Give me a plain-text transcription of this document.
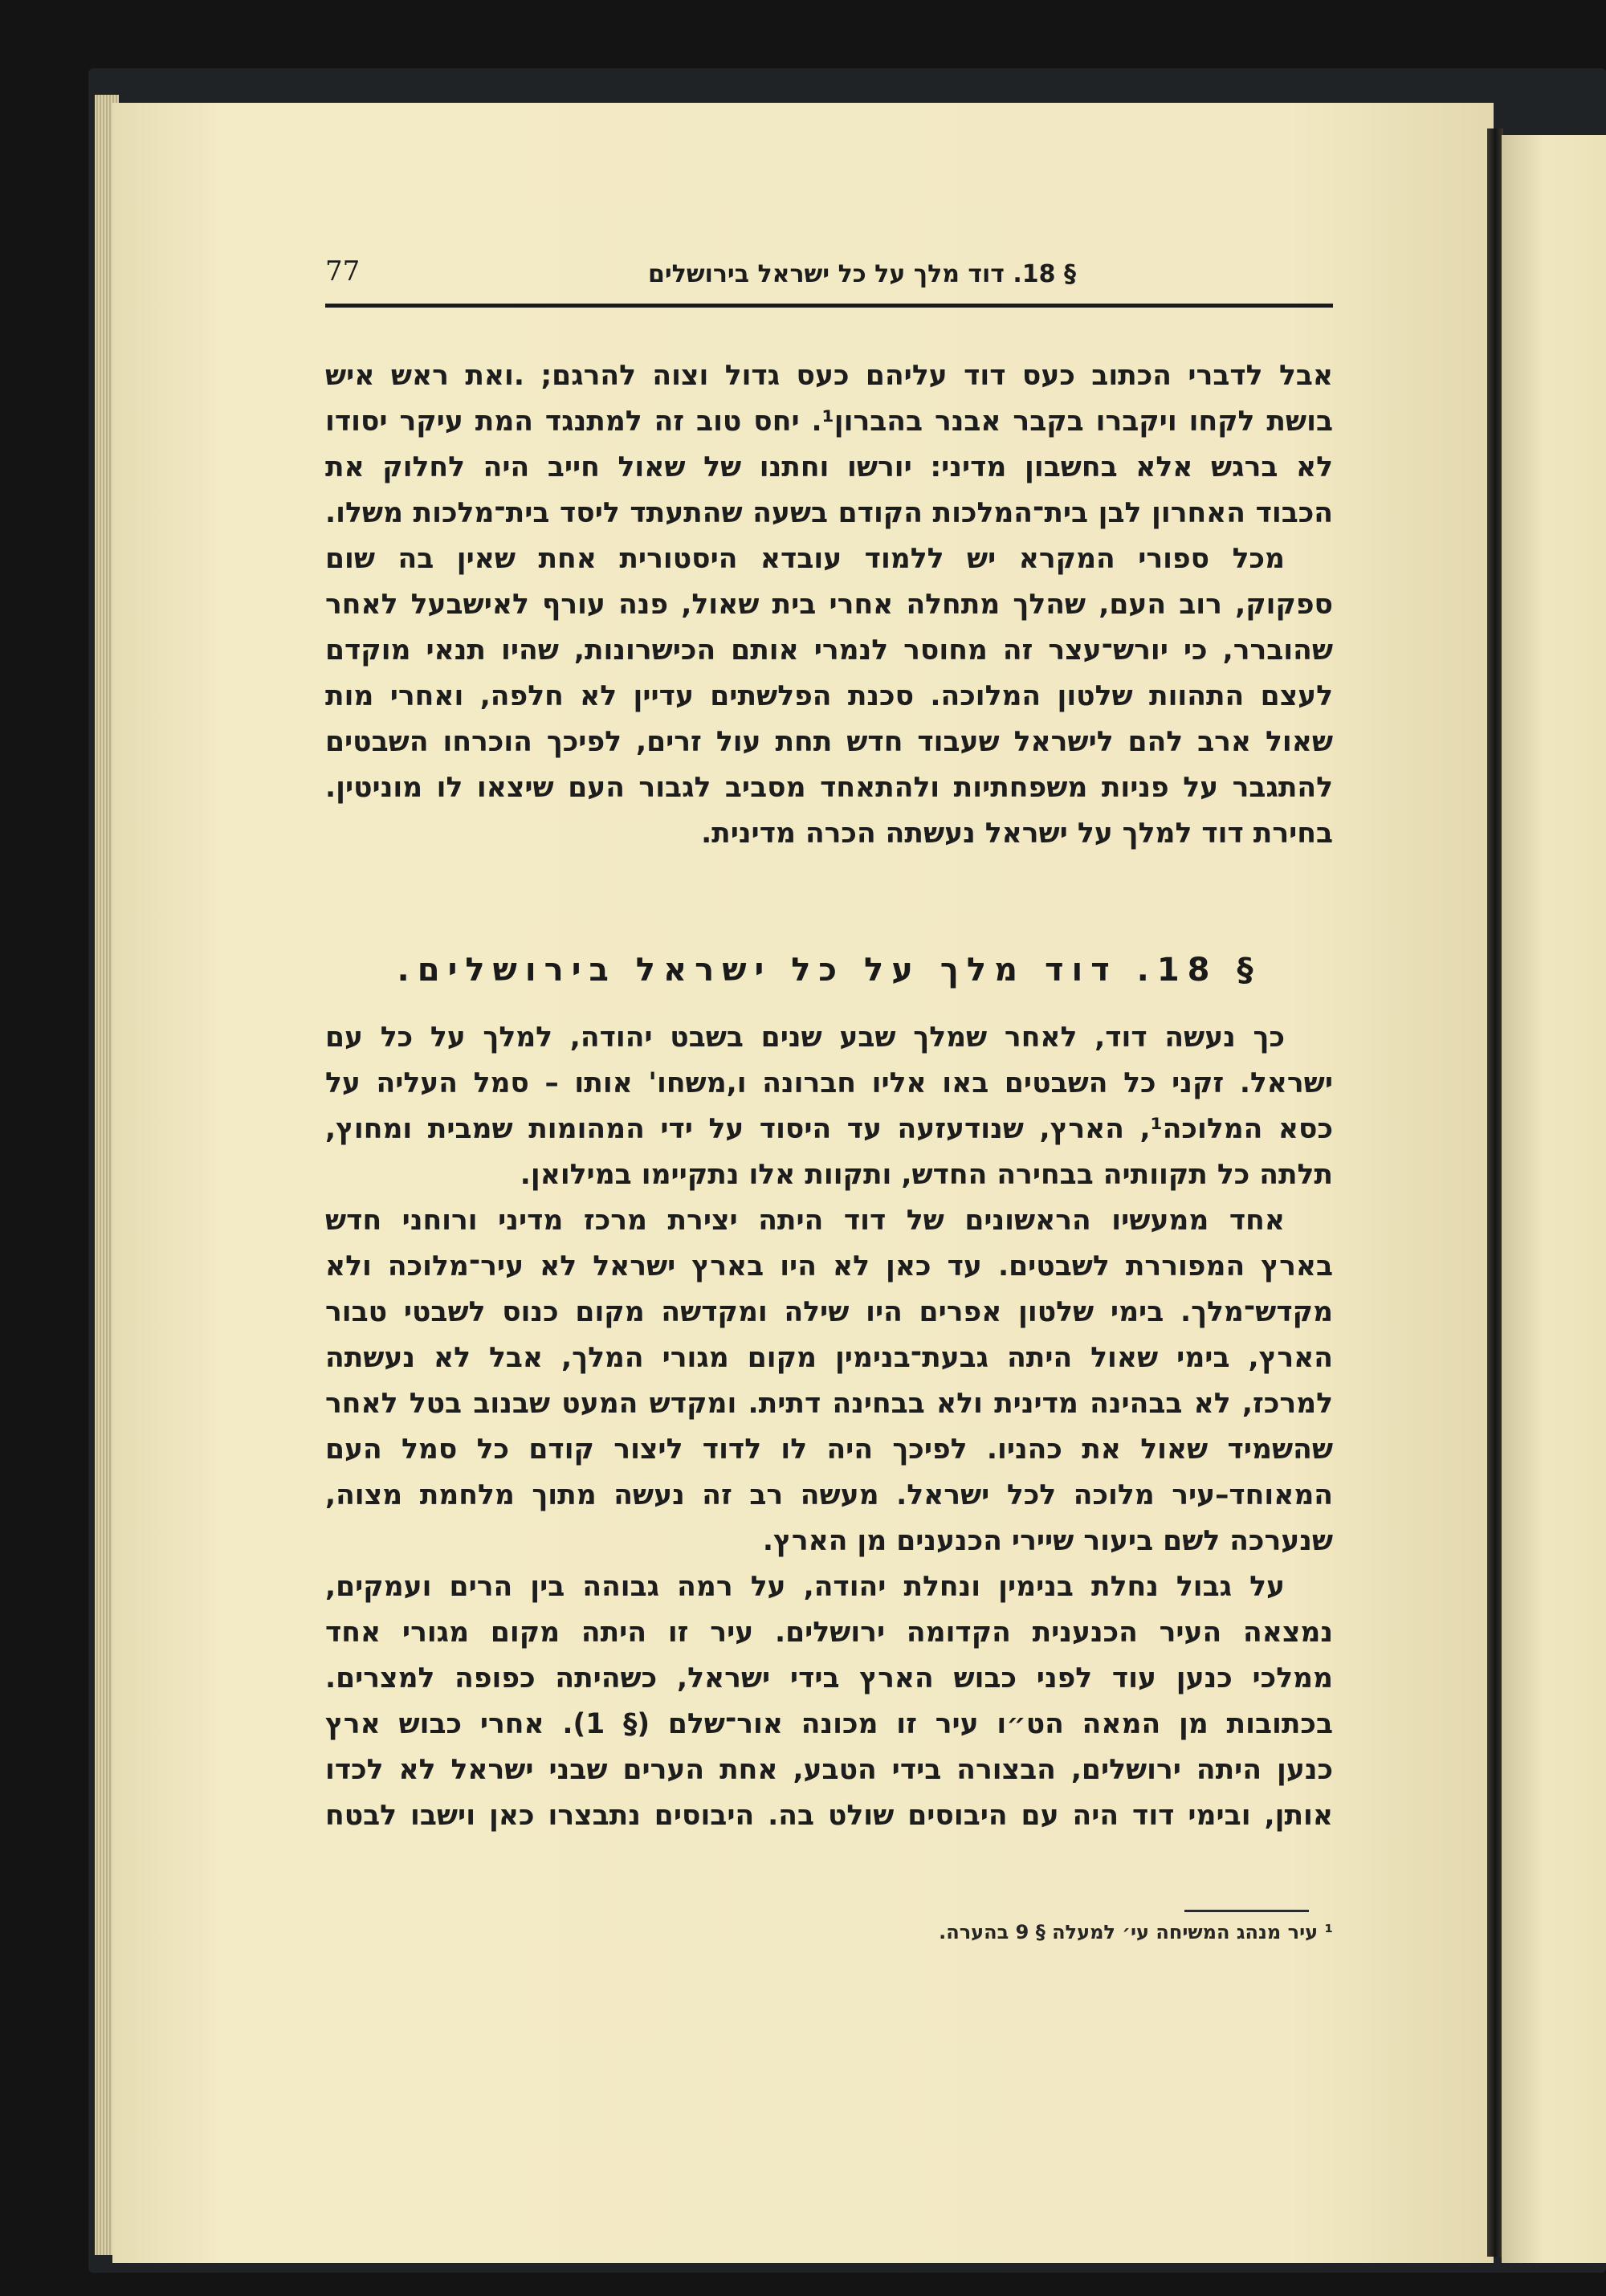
77	§ 18. דוד מלך על כל ישראל בירושלים
אבל לדברי הכתוב כעס דוד עליהם כעס גדול וצוה להרגם; .ואת ראש איש
בושת לקחו ויקברו בקבר אבנר בהברון¹. יחס טוב זה למתנגד המת עיקר יסודו
לא ברגש אלא בחשבון מדיני: יורשו וחתנו של שאול חייב היה לחלוק את
הכבוד האחרון לבן בית־המלכות הקודם בשעה שהתעתד ליסד בית־מלכות משלו.
מכל ספורי המקרא יש ללמוד עובדא היסטורית אחת שאין בה שום
ספקוק, רוב העם, שהלך מתחלה אחרי בית שאול, פנה עורף לאישבעל לאחר
שהוברר, כי יורש־עצר זה מחוסר לנמרי אותם הכישרונות, שהיו תנאי מוקדם
לעצם התהוות שלטון המלוכה. סכנת הפלשתים עדיין לא חלפה, ואחרי מות
שאול ארב להם לישראל שעבוד חדש תחת עול זרים, לפיכך הוכרחו השבטים
להתגבר על פניות משפחתיות ולהתאחד מסביב לגבור העם שיצאו לו מוניטין.
בחירת דוד למלך על ישראל נעשתה הכרה מדינית.
§ 18. דוד מלך על כל ישראל בירושלים.
כך נעשה דוד, לאחר שמלך שבע שנים בשבט יהודה, למלך על כל עם
ישראל. זקני כל השבטים באו אליו חברונה ו,משחו' אותו – סמל העליה על
כסא המלוכה¹, הארץ, שנודעזעה עד היסוד על ידי המהומות שמבית ומחוץ,
תלתה כל תקוותיה בבחירה החדש, ותקוות אלו נתקיימו במילואן.
אחד ממעשיו הראשונים של דוד היתה יצירת מרכז מדיני ורוחני חדש
בארץ המפוררת לשבטים. עד כאן לא היו בארץ ישראל לא עיר־מלוכה ולא
מקדש־מלך. בימי שלטון אפרים היו שילה ומקדשה מקום כנוס לשבטי טבור
הארץ, בימי שאול היתה גבעת־בנימין מקום מגורי המלך, אבל לא נעשתה
למרכז, לא בבהינה מדינית ולא בבחינה דתית. ומקדש המעט שבנוב בטל לאחר
שהשמיד שאול את כהניו. לפיכך היה לו לדוד ליצור קודם כל סמל העם
המאוחד–עיר מלוכה לכל ישראל. מעשה רב זה נעשה מתוך מלחמת מצוה,
שנערכה לשם ביעור שיירי הכנענים מן הארץ.
על גבול נחלת בנימין ונחלת יהודה, על רמה גבוהה בין הרים ועמקים,
נמצאה העיר הכנענית הקדומה ירושלים. עיר זו היתה מקום מגורי אחד
ממלכי כנען עוד לפני כבוש הארץ בידי ישראל, כשהיתה כפופה למצרים.
בכתובות מן המאה הט״ו עיר זו מכונה אור־שלם (§ 1). אחרי כבוש ארץ
כנען היתה ירושלים, הבצורה בידי הטבע, אחת הערים שבני ישראל לא לכדו
אותן, ובימי דוד היה עם היבוסים שולט בה. היבוסים נתבצרו כאן וישבו לבטח
¹ עיר מנהג המשיחה עי׳ למעלה § 9 בהערה.
